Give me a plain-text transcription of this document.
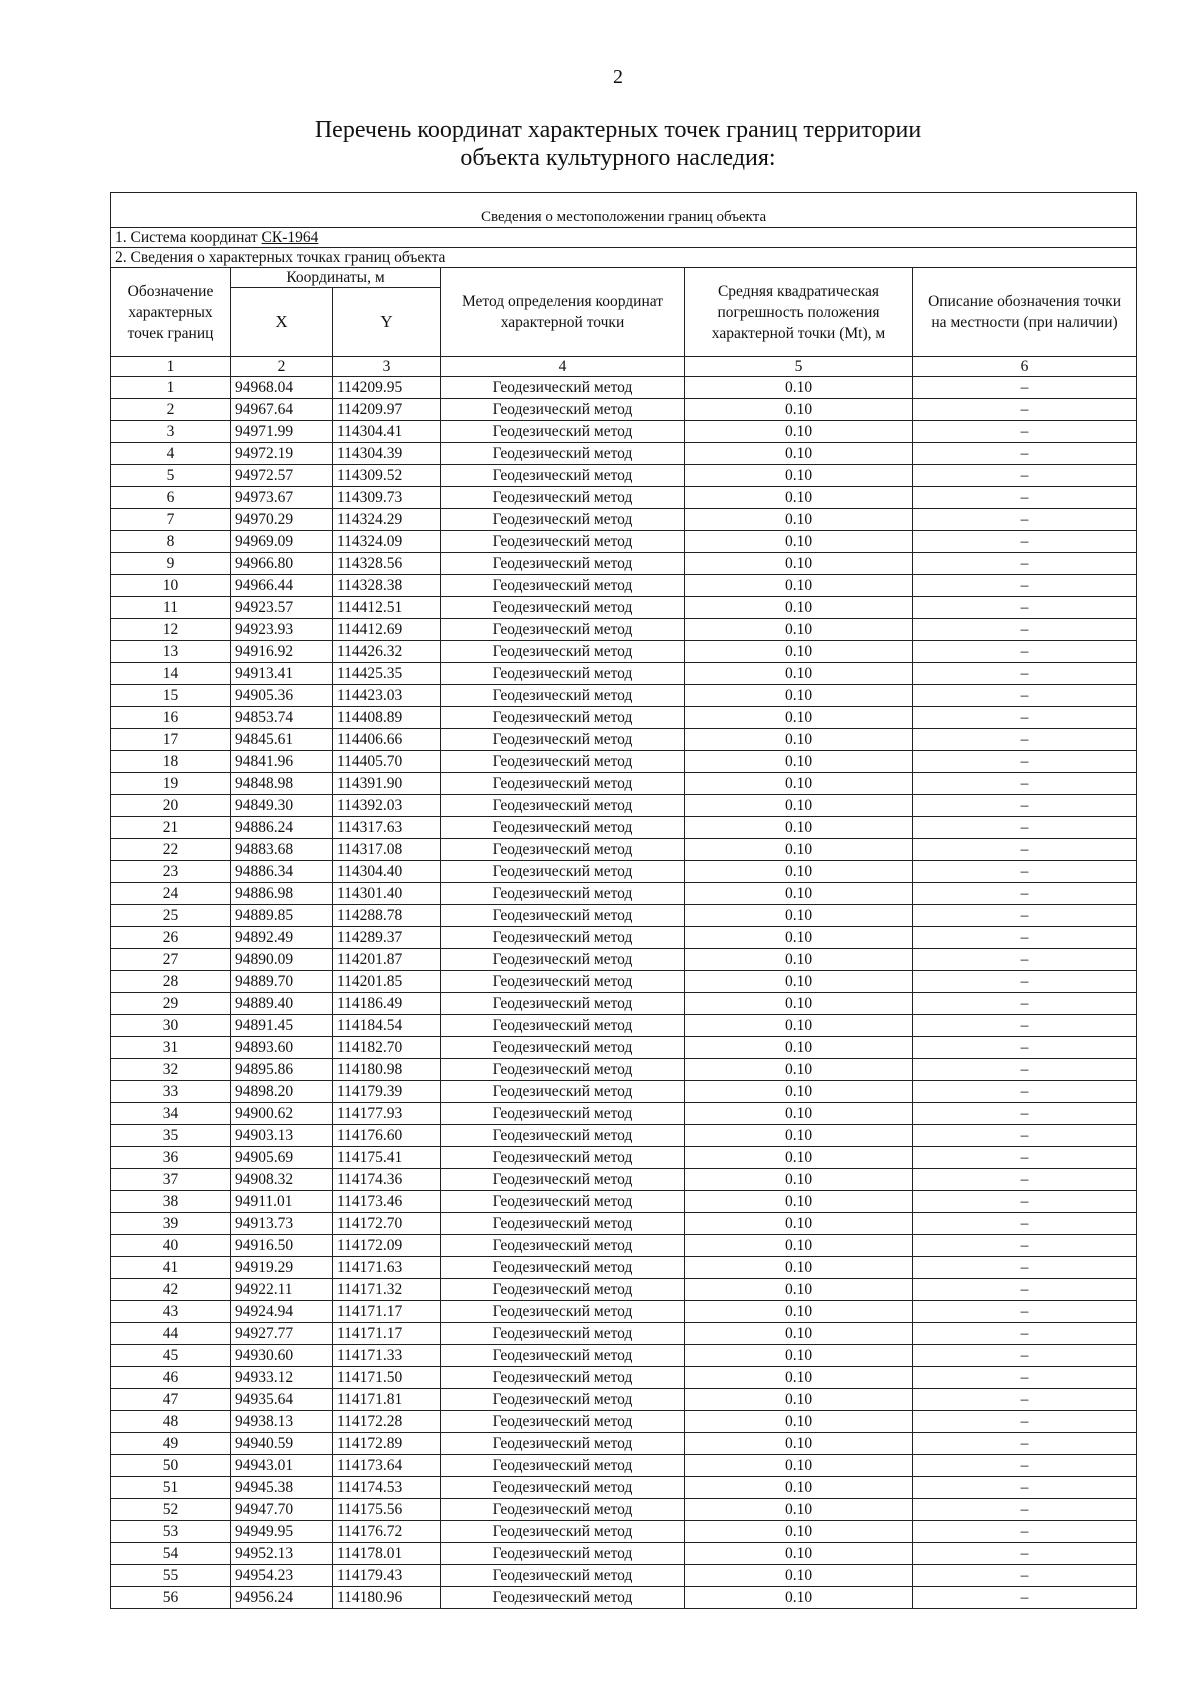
2
Перечень координат характерных точек границ территории
объекта культурного наследия:
Сведения о местоположении границ объекта					
1. Система координат СК-1964					
2. Сведения о характерных точках границ объекта					
Обозначение характерных точек границ	Координаты, м		Метод определения координат характерной точки	Средняя квадратическая погрешность положения характерной точки (Mt), м	Описание обозначения точки на местности (при наличии)
	X	Y			
1	2	3	4	5	6
1	94968.04	114209.95	Геодезический метод	0.10	–
2	94967.64	114209.97	Геодезический метод	0.10	–
3	94971.99	114304.41	Геодезический метод	0.10	–
4	94972.19	114304.39	Геодезический метод	0.10	–
5	94972.57	114309.52	Геодезический метод	0.10	–
6	94973.67	114309.73	Геодезический метод	0.10	–
7	94970.29	114324.29	Геодезический метод	0.10	–
8	94969.09	114324.09	Геодезический метод	0.10	–
9	94966.80	114328.56	Геодезический метод	0.10	–
10	94966.44	114328.38	Геодезический метод	0.10	–
11	94923.57	114412.51	Геодезический метод	0.10	–
12	94923.93	114412.69	Геодезический метод	0.10	–
13	94916.92	114426.32	Геодезический метод	0.10	–
14	94913.41	114425.35	Геодезический метод	0.10	–
15	94905.36	114423.03	Геодезический метод	0.10	–
16	94853.74	114408.89	Геодезический метод	0.10	–
17	94845.61	114406.66	Геодезический метод	0.10	–
18	94841.96	114405.70	Геодезический метод	0.10	–
19	94848.98	114391.90	Геодезический метод	0.10	–
20	94849.30	114392.03	Геодезический метод	0.10	–
21	94886.24	114317.63	Геодезический метод	0.10	–
22	94883.68	114317.08	Геодезический метод	0.10	–
23	94886.34	114304.40	Геодезический метод	0.10	–
24	94886.98	114301.40	Геодезический метод	0.10	–
25	94889.85	114288.78	Геодезический метод	0.10	–
26	94892.49	114289.37	Геодезический метод	0.10	–
27	94890.09	114201.87	Геодезический метод	0.10	–
28	94889.70	114201.85	Геодезический метод	0.10	–
29	94889.40	114186.49	Геодезический метод	0.10	–
30	94891.45	114184.54	Геодезический метод	0.10	–
31	94893.60	114182.70	Геодезический метод	0.10	–
32	94895.86	114180.98	Геодезический метод	0.10	–
33	94898.20	114179.39	Геодезический метод	0.10	–
34	94900.62	114177.93	Геодезический метод	0.10	–
35	94903.13	114176.60	Геодезический метод	0.10	–
36	94905.69	114175.41	Геодезический метод	0.10	–
37	94908.32	114174.36	Геодезический метод	0.10	–
38	94911.01	114173.46	Геодезический метод	0.10	–
39	94913.73	114172.70	Геодезический метод	0.10	–
40	94916.50	114172.09	Геодезический метод	0.10	–
41	94919.29	114171.63	Геодезический метод	0.10	–
42	94922.11	114171.32	Геодезический метод	0.10	–
43	94924.94	114171.17	Геодезический метод	0.10	–
44	94927.77	114171.17	Геодезический метод	0.10	–
45	94930.60	114171.33	Геодезический метод	0.10	–
46	94933.12	114171.50	Геодезический метод	0.10	–
47	94935.64	114171.81	Геодезический метод	0.10	–
48	94938.13	114172.28	Геодезический метод	0.10	–
49	94940.59	114172.89	Геодезический метод	0.10	–
50	94943.01	114173.64	Геодезический метод	0.10	–
51	94945.38	114174.53	Геодезический метод	0.10	–
52	94947.70	114175.56	Геодезический метод	0.10	–
53	94949.95	114176.72	Геодезический метод	0.10	–
54	94952.13	114178.01	Геодезический метод	0.10	–
55	94954.23	114179.43	Геодезический метод	0.10	–
56	94956.24	114180.96	Геодезический метод	0.10	–
